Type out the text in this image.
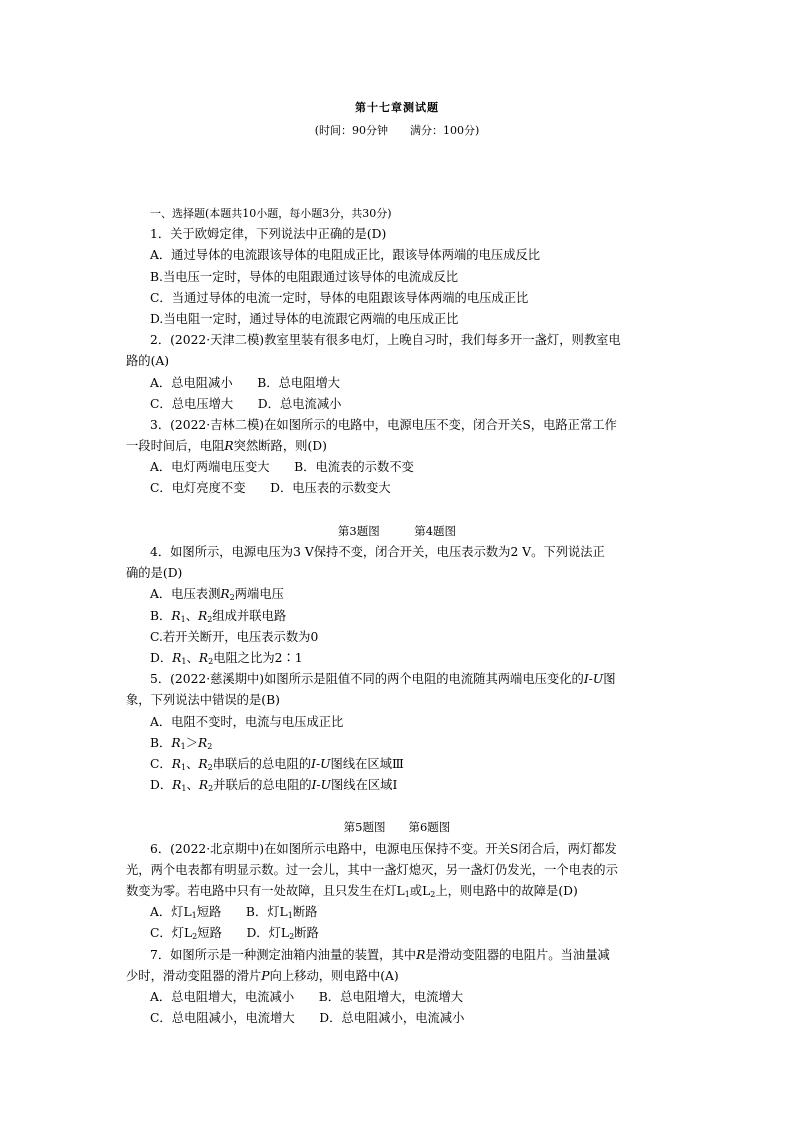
第十七章测试题
(时间：90分钟　　满分：100分)
一、选择题(本题共10小题，每小题3分，共30分)
1．关于欧姆定律，下列说法中正确的是(D)
A．通过导体的电流跟该导体的电阻成正比，跟该导体两端的电压成反比
B.当电压一定时，导体的电阻跟通过该导体的电流成反比
C．当通过导体的电流一定时，导体的电阻跟该导体两端的电压成正比
D.当电阻一定时，通过导体的电流跟它两端的电压成正比
2．(2022·天津二模)教室里装有很多电灯，上晚自习时，我们每多开一盏灯，则教室电
路的(A)
A．总电阻减小　　B．总电阻增大
C．总电压增大　　D．总电流减小
3．(2022·吉林二模)在如图所示的电路中，电源电压不变，闭合开关S，电路正常工作
一段时间后，电阻R突然断路，则(D)
A．电灯两端电压变大　　B．电流表的示数不变
C．电灯亮度不变　　D．电压表的示数变大
第3题图　　　第4题图
4．如图所示，电源电压为3 V保持不变，闭合开关，电压表示数为2 V。下列说法正
确的是(D)
A．电压表测$R_2$两端电压
B．$R_1$、$R_2$组成并联电路
C.若开关断开，电压表示数为0
D．$R_1$、$R_2$电阻之比为2∶1
5．(2022·慈溪期中)如图所示是阻值不同的两个电阻的电流随其两端电压变化的I-U图
象，下列说法中错误的是(B)
A．电阻不变时，电流与电压成正比
B．$R_1>R_2$
C．$R_1$、$R_2$串联后的总电阻的I-U图线在区域Ⅲ
D．$R_1$、$R_2$并联后的总电阻的I-U图线在区域Ⅰ
第5题图　　第6题图
6．(2022·北京期中)在如图所示电路中，电源电压保持不变。开关S闭合后，两灯都发
光，两个电表都有明显示数。过一会儿，其中一盏灯熄灭，另一盏灯仍发光，一个电表的示
数变为零。若电路中只有一处故障，且只发生在灯$L_1$或$L_2$上，则电路中的故障是(D)
A．灯$L_1$短路　　B．灯$L_1$断路
C．灯$L_2$短路　　D．灯$L_2$断路
7．如图所示是一种测定油箱内油量的装置，其中R是滑动变阻器的电阻片。当油量减
少时，滑动变阻器的滑片P向上移动，则电路中(A)
A．总电阻增大，电流减小　　B．总电阻增大，电流增大
C．总电阻减小，电流增大　　D．总电阻减小，电流减小
